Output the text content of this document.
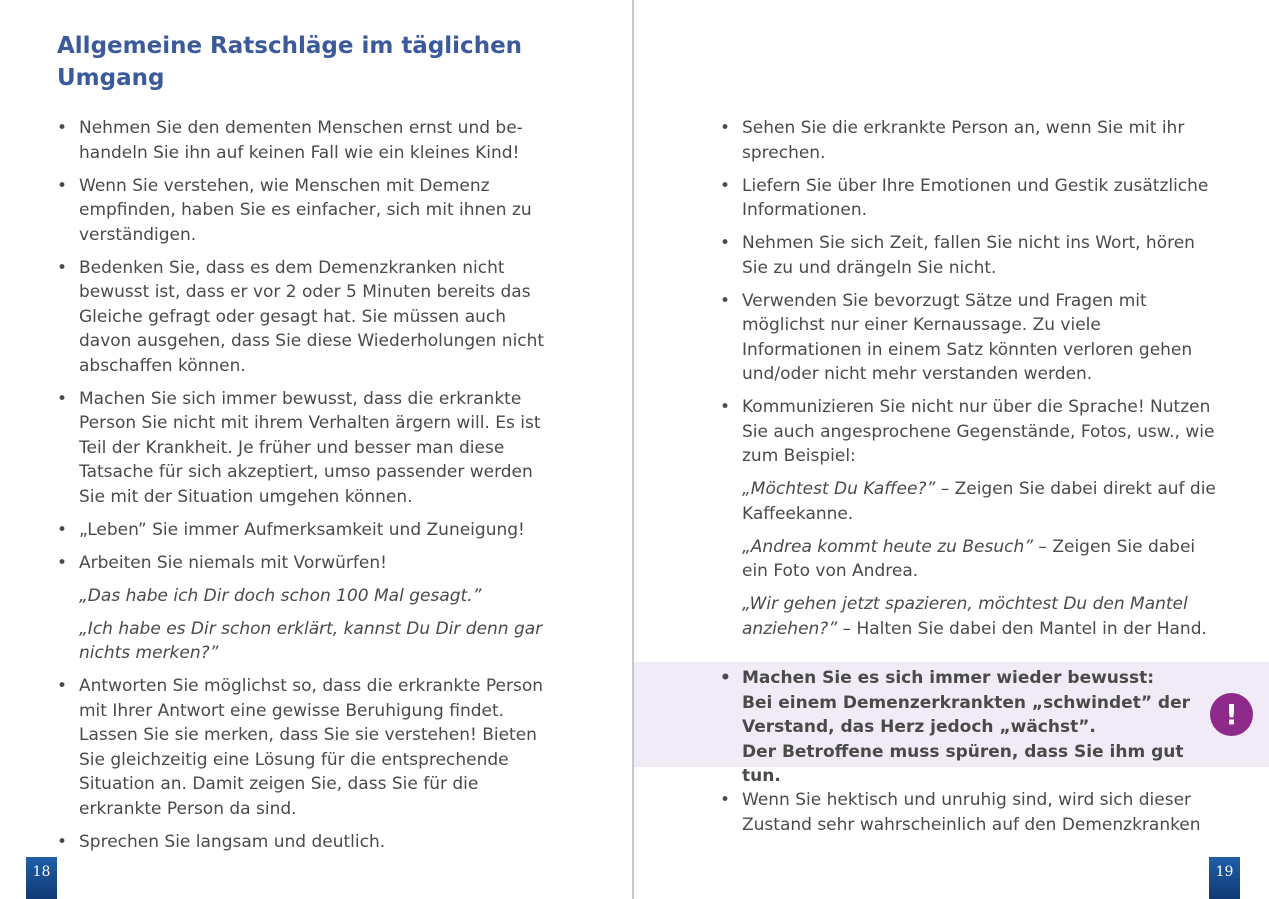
Allgemeine Ratschläge im täglichen Umgang
• Nehmen Sie den dementen Menschen ernst und be-handeln Sie ihn auf keinen Fall wie ein kleines Kind!
• Wenn Sie verstehen, wie Menschen mit Demenz empfinden, haben Sie es einfacher, sich mit ihnen zu verständigen.
• Bedenken Sie, dass es dem Demenzkranken nicht bewusst ist, dass er vor 2 oder 5 Minuten bereits das Gleiche gefragt oder gesagt hat. Sie müssen auch davon ausgehen, dass Sie diese Wiederholungen nicht abschaffen können.
• Machen Sie sich immer bewusst, dass die erkrankte Person Sie nicht mit ihrem Verhalten ärgern will. Es ist Teil der Krankheit. Je früher und besser man diese Tatsache für sich akzeptiert, umso passender werden Sie mit der Situation umgehen können.
• „Leben” Sie immer Aufmerksamkeit und Zuneigung!
• Arbeiten Sie niemals mit Vorwürfen!
„Das habe ich Dir doch schon 100 Mal gesagt.”
„Ich habe es Dir schon erklärt, kannst Du Dir denn gar nichts merken?”
• Antworten Sie möglichst so, dass die erkrankte Person mit Ihrer Antwort eine gewisse Beruhigung findet. Lassen Sie sie merken, dass Sie sie verstehen! Bieten Sie gleichzeitig eine Lösung für die entsprechende Situation an. Damit zeigen Sie, dass Sie für die erkrankte Person da sind.
• Sprechen Sie langsam und deutlich.
18
• Sehen Sie die erkrankte Person an, wenn Sie mit ihr sprechen.
• Liefern Sie über Ihre Emotionen und Gestik zusätzliche Informationen.
• Nehmen Sie sich Zeit, fallen Sie nicht ins Wort, hören Sie zu und drängeln Sie nicht.
• Verwenden Sie bevorzugt Sätze und Fragen mit möglichst nur einer Kernaussage. Zu viele Informationen in einem Satz könnten verloren gehen und/oder nicht mehr verstanden werden.
• Kommunizieren Sie nicht nur über die Sprache! Nutzen Sie auch angesprochene Gegenstände, Fotos, usw., wie zum Beispiel:
„Möchtest Du Kaffee?” – Zeigen Sie dabei direkt auf die Kaffeekanne.
„Andrea kommt heute zu Besuch” – Zeigen Sie dabei ein Foto von Andrea.
„Wir gehen jetzt spazieren, möchtest Du den Mantel anziehen?” – Halten Sie dabei den Mantel in der Hand.
• Machen Sie es sich immer wieder bewusst:
Bei einem Demenzerkrankten „schwindet” der Verstand, das Herz jedoch „wächst”.
Der Betroffene muss spüren, dass Sie ihm gut tun.
!
• Wenn Sie hektisch und unruhig sind, wird sich dieser Zustand sehr wahrscheinlich auf den Demenzkranken
19
